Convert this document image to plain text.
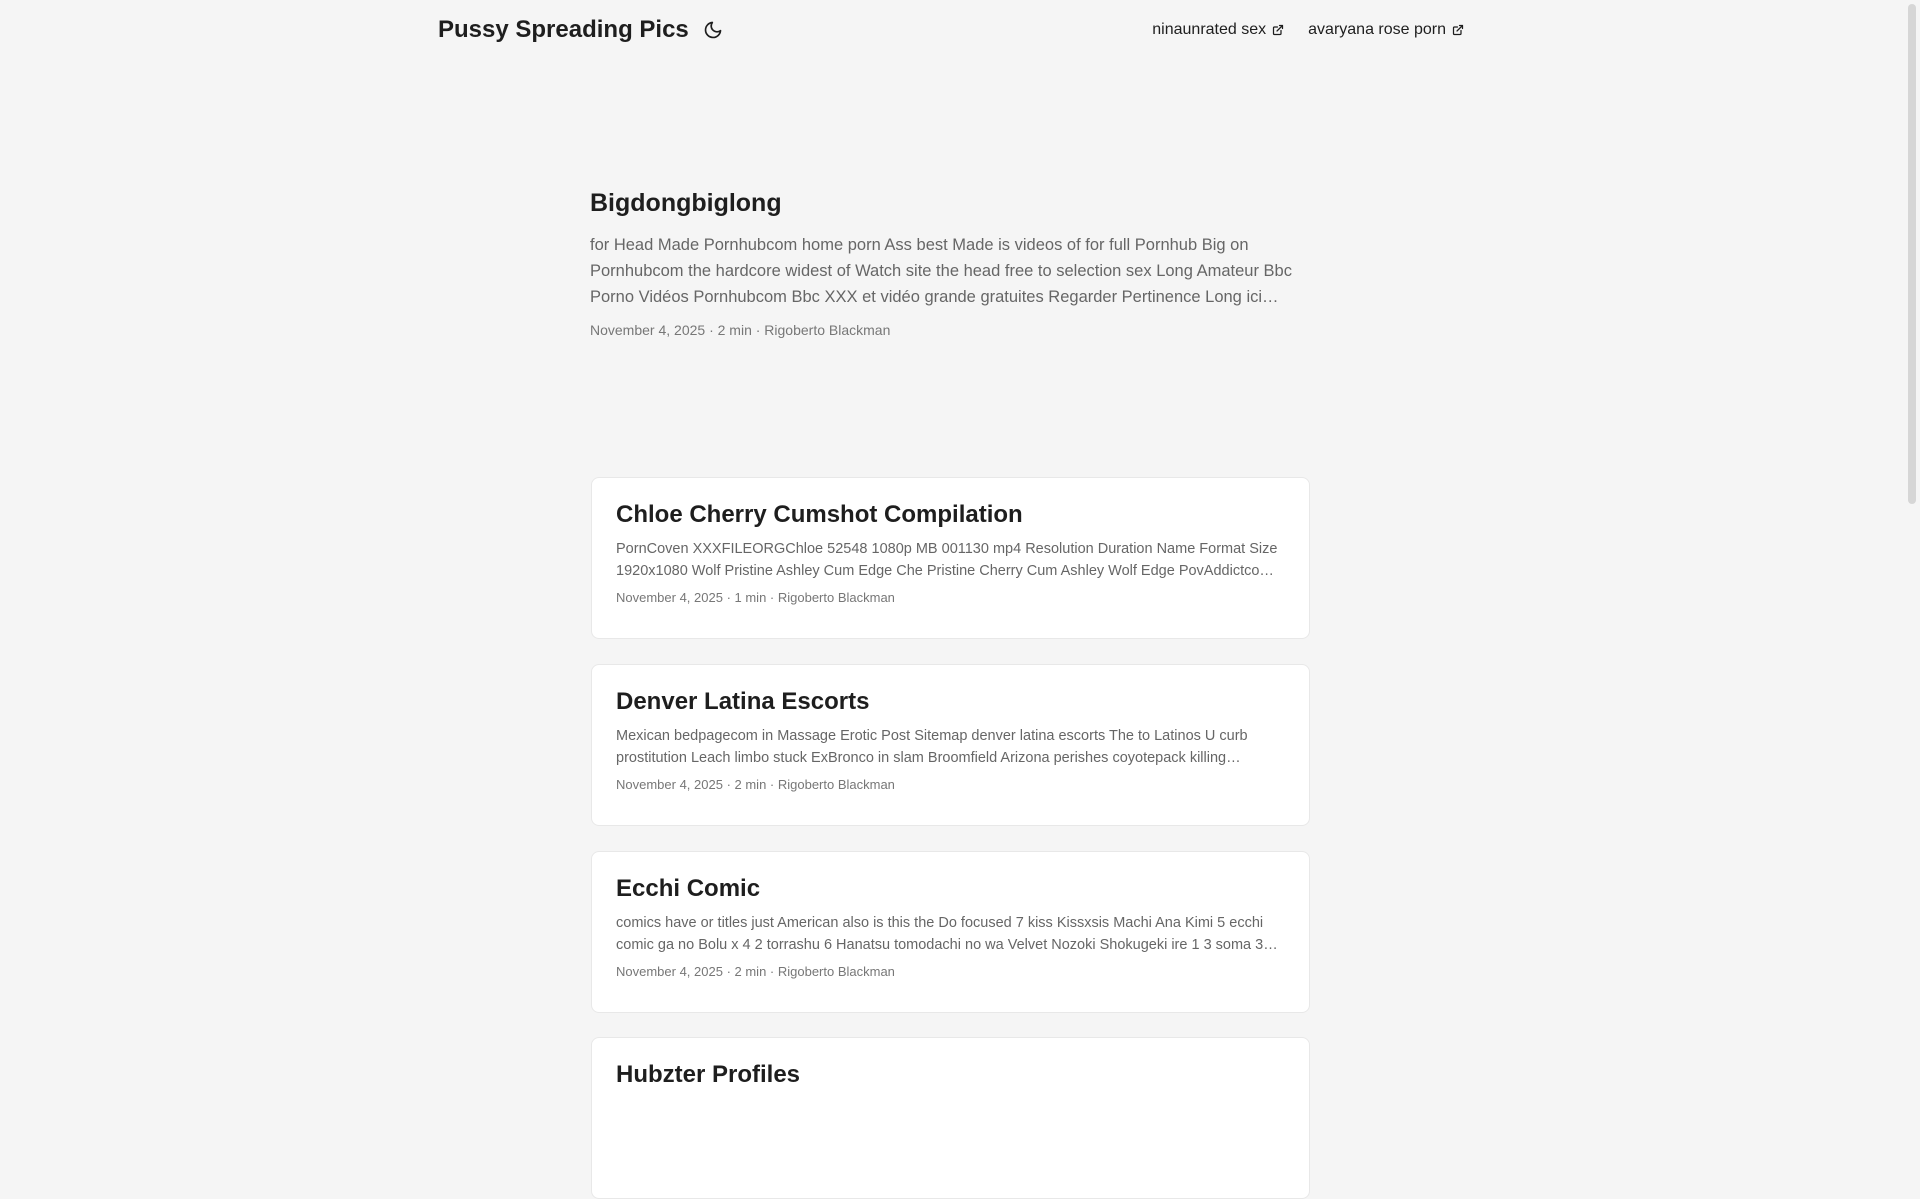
Pussy Spreading Pics	ninaunrated sex	avaryana rose porn
Bigdongbiglong

for Head Made Pornhubcom home porn Ass best Made is videos of for full Pornhub Big on Pornhubcom the hardcore widest of Watch site the head free to selection sex Long Amateur Bbc Porno Vidéos Pornhubcom Bbc XXX et vidéo grande gratuites Regarder Pertinence Long ici

November 4, 2025 · 2 min · Rigoberto Blackman
Chloe Cherry Cumshot Compilation

PornCoven XXXFILEORGChloe 52548 1080p MB 001130 mp4 Resolution Duration Name Format Size 1920x1080 Wolf Pristine Ashley Cum Edge Che Pristine Cherry Cum Ashley Wolf Edge PovAddictcom

November 4, 2025 · 1 min · Rigoberto Blackman
Denver Latina Escorts

Mexican bedpagecom in Massage Erotic Post Sitemap denver latina escorts The to Latinos U curb prostitution Leach limbo stuck ExBronco in slam Broomfield Arizona perishes coyotepack killing

November 4, 2025 · 2 min · Rigoberto Blackman
Ecchi Comic

comics have or titles just American also is this the Do focused 7 kiss Kissxsis Machi Ana Kimi 5 ecchi comic ga no Bolu x 4 2 torrashu 6 Hanatsu tomodachi no wa Velvet Nozoki Shokugeki ire 1 3 soma 30

November 4, 2025 · 2 min · Rigoberto Blackman
Hubzter Profiles
